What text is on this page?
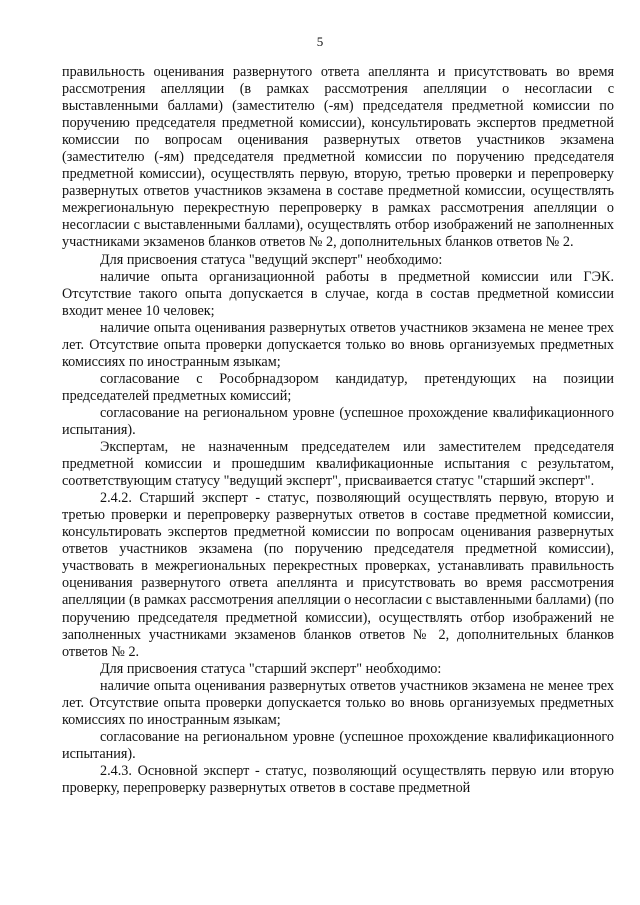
5

правильность оценивания развернутого ответа апеллянта и присутствовать во время рассмотрения апелляции (в рамках рассмотрения апелляции о несогласии с выставленными баллами) (заместителю (-ям) председателя предметной комиссии по поручению председателя предметной комиссии), консультировать экспертов предметной комиссии по вопросам оценивания развернутых ответов участников экзамена (заместителю (-ям) председателя предметной комиссии по поручению председателя предметной комиссии), осуществлять первую, вторую, третью проверки и перепроверку развернутых ответов участников экзамена в составе предметной комиссии, осуществлять межрегиональную перекрестную перепроверку в рамках рассмотрения апелляции о несогласии с выставленными баллами), осуществлять отбор изображений не заполненных участниками экзаменов бланков ответов № 2, дополнительных бланков ответов № 2.

Для присвоения статуса "ведущий эксперт" необходимо:

наличие опыта организационной работы в предметной комиссии или ГЭК. Отсутствие такого опыта допускается в случае, когда в состав предметной комиссии входит менее 10 человек;

наличие опыта оценивания развернутых ответов участников экзамена не менее трех лет. Отсутствие опыта проверки допускается только во вновь организуемых предметных комиссиях по иностранным языкам;

согласование с Рособрнадзором кандидатур, претендующих на позиции председателей предметных комиссий;

согласование на региональном уровне (успешное прохождение квалификационного испытания).

Экспертам, не назначенным председателем или заместителем председателя предметной комиссии и прошедшим квалификационные испытания с результатом, соответствующим статусу "ведущий эксперт", присваивается статус "старший эксперт".

2.4.2. Старший эксперт - статус, позволяющий осуществлять первую, вторую и третью проверки и перепроверку развернутых ответов в составе предметной комиссии, консультировать экспертов предметной комиссии по вопросам оценивания развернутых ответов участников экзамена (по поручению председателя предметной комиссии), участвовать в межрегиональных перекрестных проверках, устанавливать правильность оценивания развернутого ответа апеллянта и присутствовать во время рассмотрения апелляции (в рамках рассмотрения апелляции о несогласии с выставленными баллами) (по поручению председателя предметной комиссии), осуществлять отбор изображений не заполненных участниками экзаменов бланков ответов № 2, дополнительных бланков ответов № 2.

Для присвоения статуса "старший эксперт" необходимо:

наличие опыта оценивания развернутых ответов участников экзамена не менее трех лет. Отсутствие опыта проверки допускается только во вновь организуемых предметных комиссиях по иностранным языкам;

согласование на региональном уровне (успешное прохождение квалификационного испытания).

2.4.3. Основной эксперт - статус, позволяющий осуществлять первую или вторую проверку, перепроверку развернутых ответов в составе предметной
